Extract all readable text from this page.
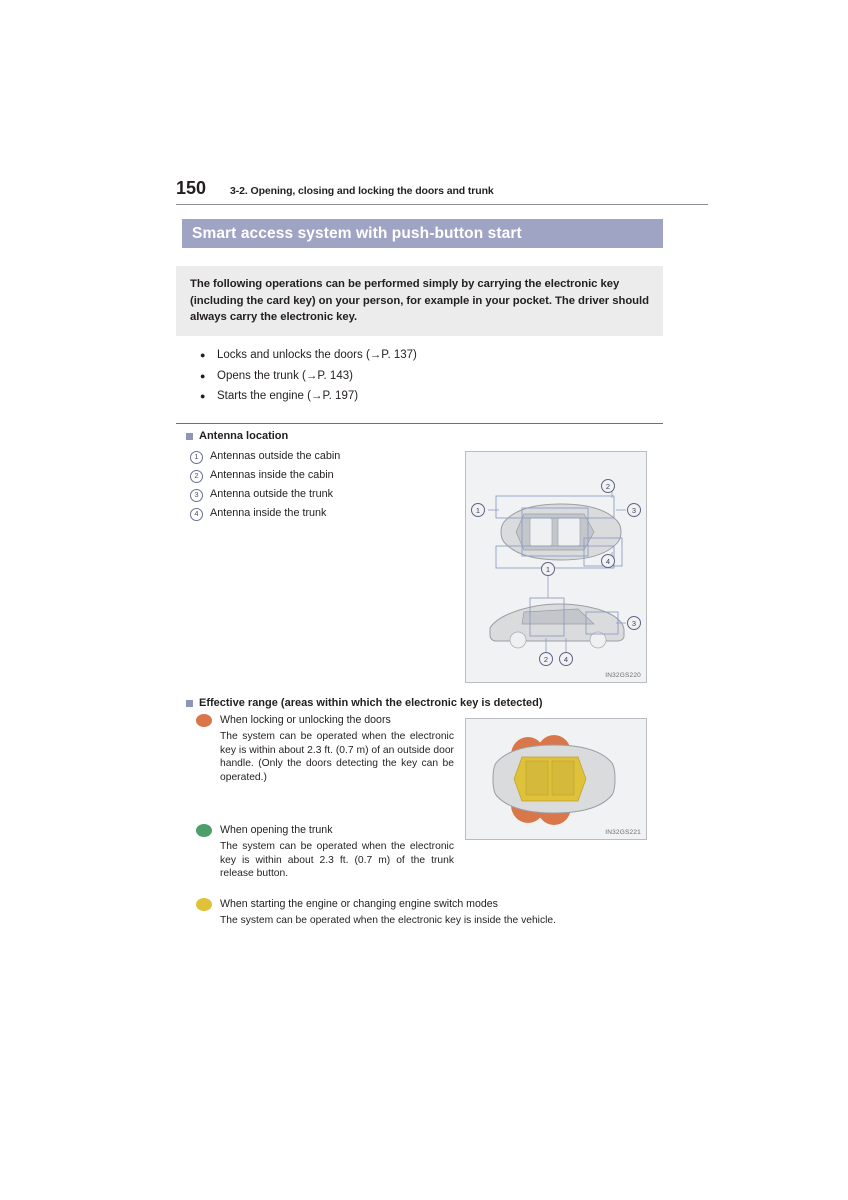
150	3-2. Opening, closing and locking the doors and trunk
Smart access system with push-button start

The following operations can be performed simply by carrying the electronic key (including the card key) on your person, for example in your pocket. The driver should always carry the electronic key.

●	Locks and unlocks the doors (→P. 137)
●	Opens the trunk (→P. 143)
●	Starts the engine (→P. 197)
Antenna location
1	Antennas outside the cabin
2	Antennas inside the cabin
3	Antenna outside the trunk
4	Antenna inside the trunk	1
2
3
4
1
3
2	4
IN32GS220
Effective range (areas within which the electronic key is detected)
IN32GS221
When locking or unlocking the doors
The system can be operated when the electronic key is within about 2.3 ft. (0.7 m) of an outside door handle. (Only the doors detecting the key can be operated.)
When opening the trunk
The system can be operated when the electronic key is within about 2.3 ft. (0.7 m) of the trunk release button.
When starting the engine or changing engine switch modes
The system can be operated when the electronic key is inside the vehicle.
